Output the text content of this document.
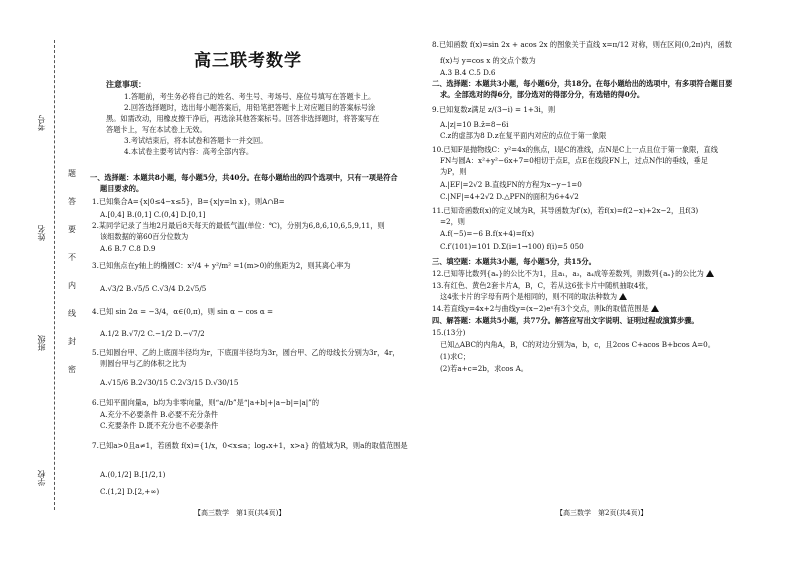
考号
姓名
班级
学校
题
答
要
不
内
线
封
密
高三联考数学
注意事项：
1.答题前，考生务必将自己的姓名、考生号、考场号、座位号填写在答题卡上。
2.回答选择题时，选出每小题答案后，用铅笔把答题卡上对应题目的答案标号涂
黑。如需改动，用橡皮擦干净后，再选涂其他答案标号。回答非选择题时，将答案写在
答题卡上，写在本试卷上无效。
3.考试结束后，将本试卷和答题卡一并交回。
4.本试卷主要考试内容：高考全部内容。
一、选择题：本题共8小题，每小题5分，共40分。在每小题给出的四个选项中，只有一项是符合
题目要求的。
1.已知集合A={x|0≤4−x≤5}，B={x|y=ln x}，则A∩B=
A.[0,4] B.(0,1] C.(0,4] D.[0,1]
2.某同学记录了当地2月最后8天每天的最低气温(单位：℃)，分别为6,8,6,10,6,5,9,11，则
该组数据的第60百分位数为
A.6 B.7 C.8 D.9
3.已知焦点在y轴上的椭圆C：x²/4 + y²/m² =1(m>0)的焦距为2，则其离心率为
A.√3/2 B.√5/5 C.√3/4 D.2√5/5
4.已知 sin 2α = −3/4，α∈(0,π)，则 sin α − cos α =
A.1/2 B.√7/2 C.−1/2 D.−√7/2
5.已知圆台甲、乙的上底面半径均为r，下底面半径均为3r，圆台甲、乙的母线长分别为3r，4r，
则圆台甲与乙的体积之比为
A.√15/6 B.2√30/15 C.2√3/15 D.√30/15
6.已知平面向量a，b均为非零向量，则“a//b”是“|a+b|+|a−b|=|a|”的
A.充分不必要条件 B.必要不充分条件
C.充要条件 D.既不充分也不必要条件
7.已知a>0且a≠1，若函数 f(x)={1/x，0<x≤a；logₐx+1，x>a} 的值域为R，则a的取值范围是
A.(0,1/2] B.[1/2,1)
C.(1,2] D.[2,+∞)
【高三数学　第1页(共4页)】
8.已知函数 f(x)=sin 2x + acos 2x 的图象关于直线 x=π/12 对称，则在区间(0,2π)内，函数
f(x)与 y=cos x 的交点个数为
A.3 B.4 C.5 D.6
二、选择题：本题共3小题，每小题6分，共18分。在每小题给出的选项中，有多项符合题目要
求。全部选对的得6分，部分选对的得部分分，有选错的得0分。
9.已知复数z满足 z/(3−i) = 1+3i，则
A.|z|=10 B.z̄=8−6i
C.z的虚部为8 D.z在复平面内对应的点位于第一象限
10.已知F是抛物线C：y²=4x的焦点，l是C的准线，点N是C上一点且位于第一象限，直线
FN与圆A：x²+y²−6x+7=0相切于点E，点E在线段FN上，过点N作l的垂线，垂足
为P，则
A.|EF|=2√2 B.直线FN的方程为x−y−1=0
C.|NF|=4+2√2 D.△PFN的面积为6+4√2
11.已知奇函数f(x)的定义域为R，其导函数为f′(x)，若f(x)=f(2−x)+2x−2，且f(3)
=2，则
A.f(−5)=−6 B.f(x+4)=f(x)
C.f′(101)=101 D.Σ(i=1→100) f(i)=5 050
三、填空题：本题共3小题，每小题5分，共15分。
12.已知等比数列{aₙ}的公比不为1，且a₁，a₃，a₄成等差数列，则数列{aₙ}的公比为
13.有红色、黄色2套卡片A，B，C，若从这6张卡片中随机抽取4张，
这4张卡片的字母有两个是相同的，则不同的取法种数为
14.若直线y=4x+2与曲线y=(x−2)eˣ有3个交点，则k的取值范围是
四、解答题：本题共5小题，共77分。解答应写出文字说明、证明过程或演算步骤。
15.(13分)
已知△ABC的内角A，B，C的对边分别为a，b，c，且2cos C+acos B+bcos A=0。
(1)求C；
(2)若a+c=2b，求cos A。
【高三数学　第2页(共4页)】
